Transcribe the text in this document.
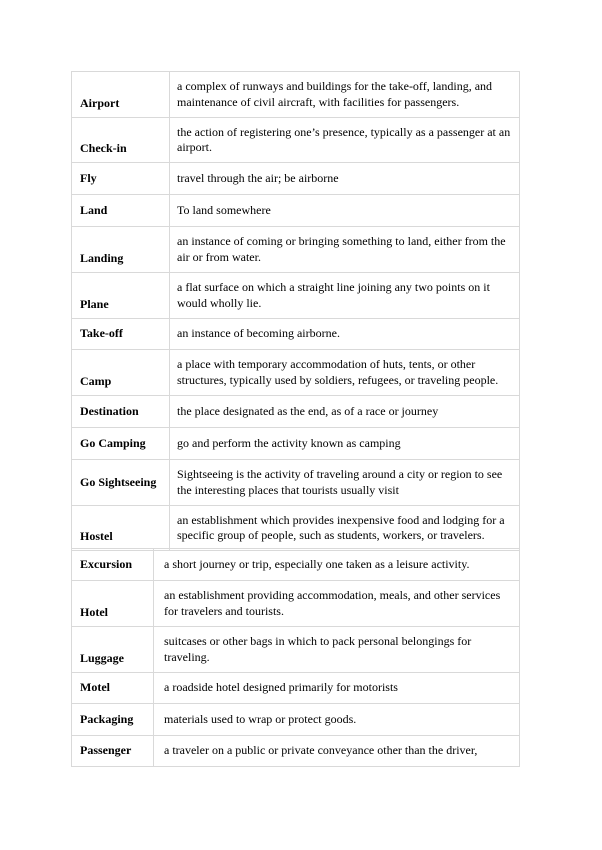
Airport	a complex of runways and buildings for the take-off, landing, and maintenance of civil aircraft, with facilities for passengers.
Check-in	the action of registering one’s presence, typically as a passenger at an airport.
Fly	travel through the air; be airborne
Land	To land somewhere
Landing	an instance of coming or bringing something to land, either from the air or from water.
Plane	a flat surface on which a straight line joining any two points on it would wholly lie.
Take-off	an instance of becoming airborne.
Camp	a place with temporary accommodation of huts, tents, or other structures, typically used by soldiers, refugees, or traveling people.
Destination	the place designated as the end, as of a race or journey
Go Camping	go and perform the activity known as camping
Go Sightseeing	Sightseeing is the activity of traveling around a city or region to see the interesting places that tourists usually visit
Hostel	an establishment which provides inexpensive food and lodging for a specific group of people, such as students, workers, or travelers.
Excursion	a short journey or trip, especially one taken as a leisure activity.
Hotel	an establishment providing accommodation, meals, and other services for travelers and tourists.
Luggage	suitcases or other bags in which to pack personal belongings for traveling.
Motel	a roadside hotel designed primarily for motorists
Packaging	materials used to wrap or protect goods.
Passenger	a traveler on a public or private conveyance other than the driver,
